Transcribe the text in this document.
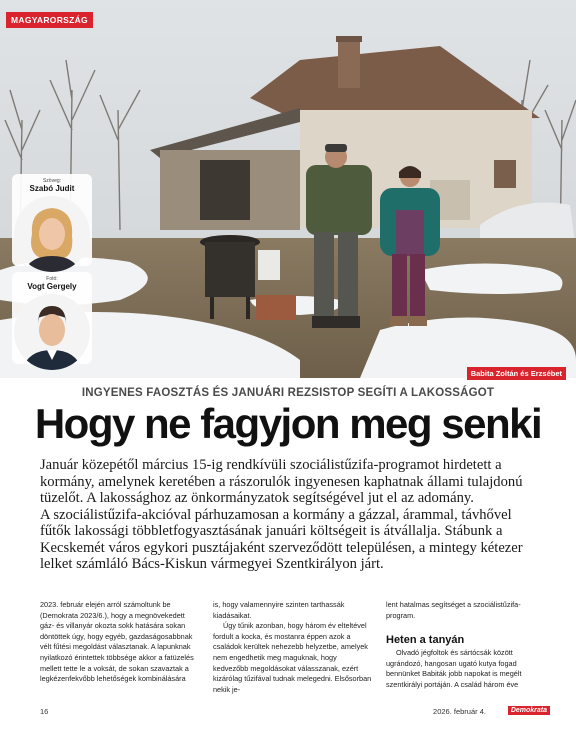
MAGYARORSZÁG
Szöveg:
Szabó Judit
Fotó:
Vogt Gergely
Babita Zoltán és Erzsébet
INGYENES FAOSZTÁS ÉS JANUÁRI REZSISTOP SEGÍTI A LAKOSSÁGOT
Hogy ne fagyjon meg senki

Január közepétől március 15-ig rendkívüli szociálistűzifa-programot hirdetett a kormány, amelynek keretében a rászorulók ingyenesen kaphatnak állami tulajdonú tüzelőt. A lakossághoz az önkormányzatok segítségével jut el az adomány.

A szociálistűzifa-akcióval párhuzamosan a kormány a gázzal, árammal, távhővel fűtők lakossági többletfogyasztásának januári költségeit is átvállalja. Stábunk a Kecskemét város egykori pusztájaként szerveződött településen, a mintegy kétezer lelket számláló Bács-Kiskun vármegyei Szentkirályon járt.

2023. február elején arról számoltunk be (Demokrata 2023/6.), hogy a megnövekedett gáz- és villanyár okozta sokk hatására sokan döntöttek úgy, hogy egyéb, gazdaságosabbnak vélt fűtési megoldást választanak. A lapunknak nyilatkozó érintettek többsége akkor a fatüzelés mellett tette le a voksát, de sokan szavaztak a legkézenfekvőbb lehetőségek kombinálására

is, hogy valamennyire szinten tarthassák kiadásaikat.

Úgy tűnik azonban, hogy három év elteltével fordult a kocka, és mostanra éppen azok a családok kerültek nehezebb helyzetbe, amelyek nem engedhetik meg maguknak, hogy kedvezőbb megoldásokat válasszanak, ezért kizárólag tűzifával tudnak melegedni. Elsősorban nekik je-

lent hatalmas segítséget a szociálistűzifa-program.

Heten a tanyán

Olvadó jégfoltok és sártócsák között ugrándozó, hangosan ugató kutya fogad bennünket Babiták jobb napokat is megélt szentkirályi portáján. A család három éve

16	2026. február 4.	Demokrata
